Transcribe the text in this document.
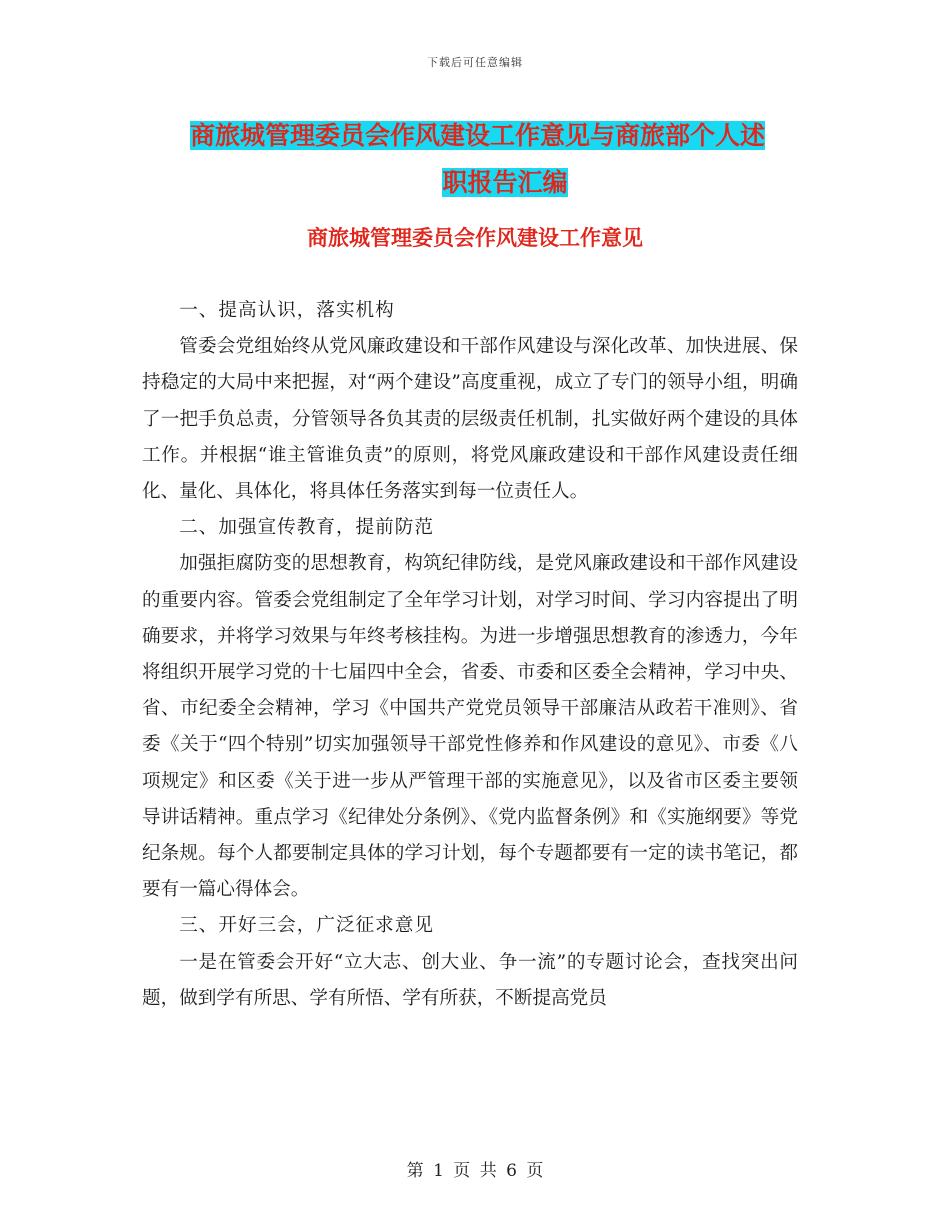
下载后可任意编辑
商旅城管理委员会作风建设工作意见与商旅部个人述
职报告汇编
商旅城管理委员会作风建设工作意见

一、提高认识，落实机构

管委会党组始终从党风廉政建设和干部作风建设与深化改革、加快进展、保持稳定的大局中来把握，对“两个建设”高度重视，成立了专门的领导小组，明确了一把手负总责，分管领导各负其责的层级责任机制，扎实做好两个建设的具体工作。并根据“谁主管谁负责”的原则，将党风廉政建设和干部作风建设责任细化、量化、具体化，将具体任务落实到每一位责任人。

二、加强宣传教育，提前防范

加强拒腐防变的思想教育，构筑纪律防线，是党风廉政建设和干部作风建设的重要内容。管委会党组制定了全年学习计划，对学习时间、学习内容提出了明确要求，并将学习效果与年终考核挂构。为进一步增强思想教育的渗透力，今年将组织开展学习党的十七届四中全会，省委、市委和区委全会精神，学习中央、省、市纪委全会精神，学习《中国共产党党员领导干部廉洁从政若干准则》、省委《关于“四个特别”切实加强领导干部党性修养和作风建设的意见》、市委《八项规定》和区委《关于进一步从严管理干部的实施意见》，以及省市区委主要领导讲话精神。重点学习《纪律处分条例》、《党内监督条例》和《实施纲要》等党纪条规。每个人都要制定具体的学习计划，每个专题都要有一定的读书笔记，都要有一篇心得体会。

三、开好三会，广泛征求意见

一是在管委会开好“立大志、创大业、争一流”的专题讨论会，查找突出问题，做到学有所思、学有所悟、学有所获，不断提高党员

第 1 页 共 6 页
